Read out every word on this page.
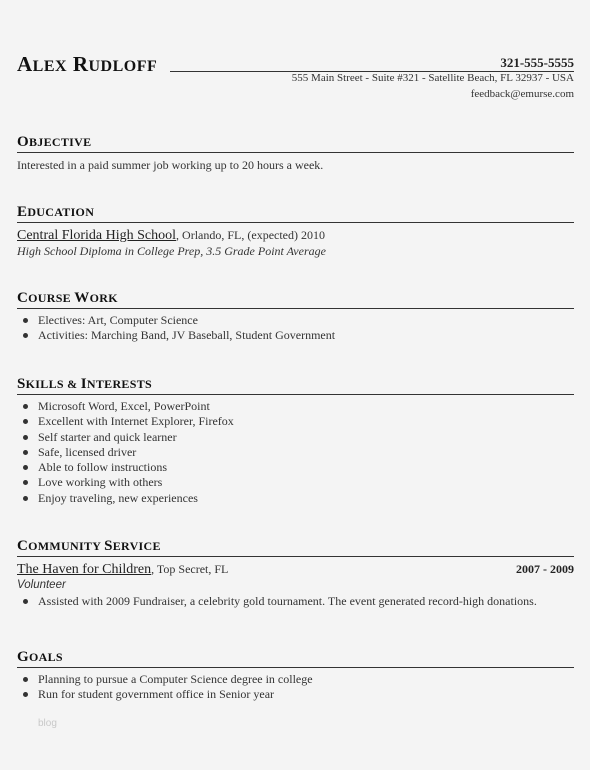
ALEX RUDLOFF	321-555-5555
555 Main Street - Suite #321 - Satellite Beach, FL 32937 - USA
feedback@emurse.com
OBJECTIVE
Interested in a paid summer job working up to 20 hours a week.
EDUCATION
Central Florida High School, Orlando, FL, (expected) 2010
High School Diploma in College Prep, 3.5 Grade Point Average
COURSE WORK
Electives: Art, Computer Science
Activities: Marching Band, JV Baseball, Student Government
SKILLS & INTERESTS
Microsoft Word, Excel, PowerPoint
Excellent with Internet Explorer, Firefox
Self starter and quick learner
Safe, licensed driver
Able to follow instructions
Love working with others
Enjoy traveling, new experiences
COMMUNITY SERVICE
The Haven for Children, Top Secret, FL	2007 - 2009
Volunteer
Assisted with 2009 Fundraiser, a celebrity gold tournament. The event generated record-high donations.
GOALS
Planning to pursue a Computer Science degree in college
Run for student government office in Senior year
blog
